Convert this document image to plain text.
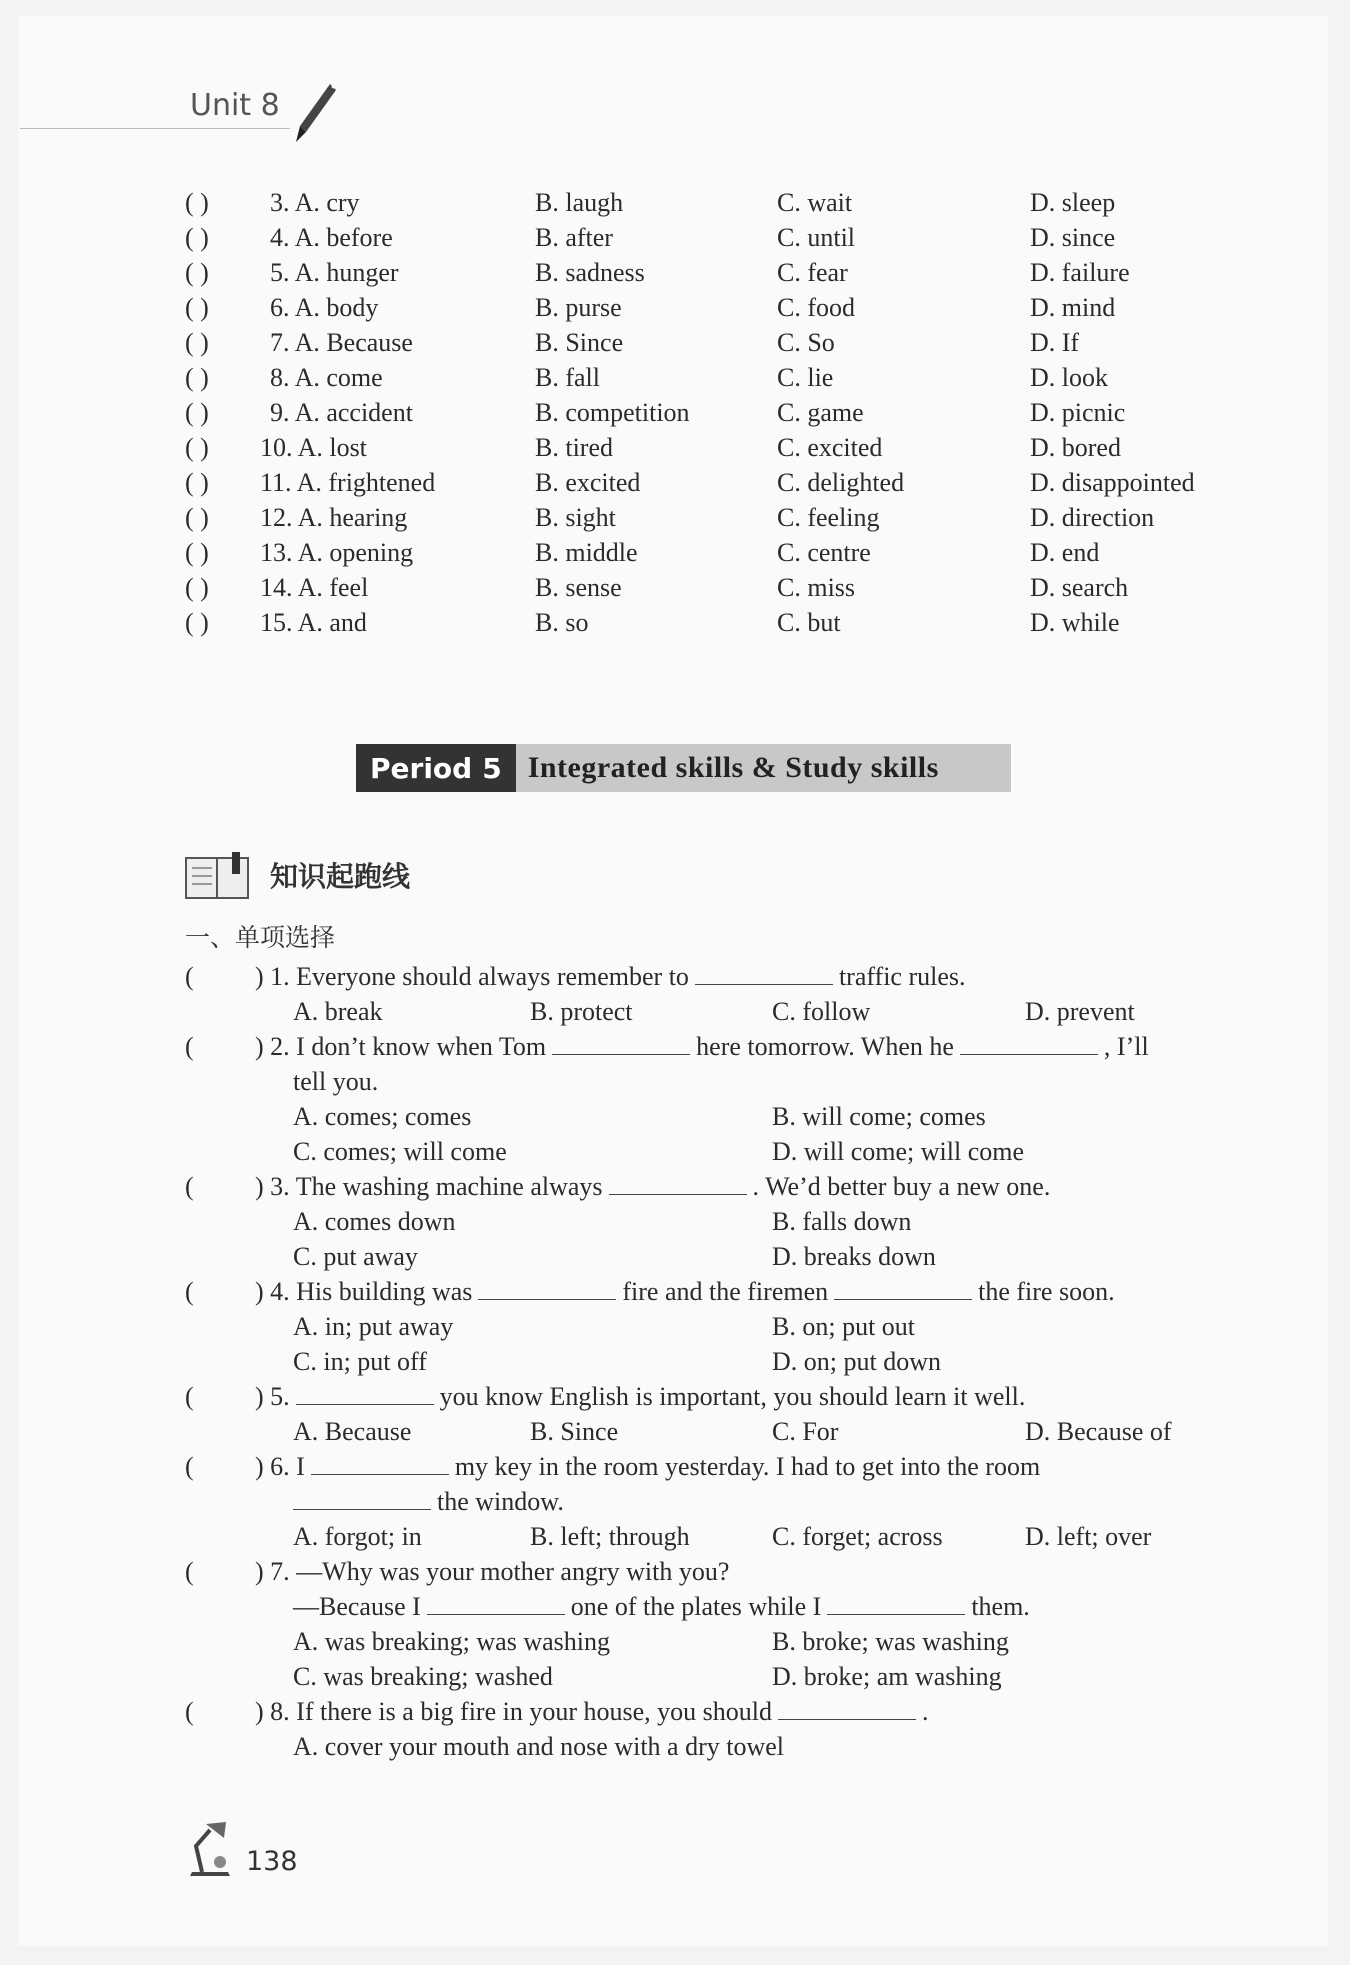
Unit 8
( ) 3. A. cry	B. laugh	C. wait	D. sleep
( ) 4. A. before	B. after	C. until	D. since
( ) 5. A. hunger	B. sadness	C. fear	D. failure
( ) 6. A. body	B. purse	C. food	D. mind
( ) 7. A. Because	B. Since	C. So	D. If
( ) 8. A. come	B. fall	C. lie	D. look
( ) 9. A. accident	B. competition	C. game	D. picnic
( ) 10. A. lost	B. tired	C. excited	D. bored
( ) 11. A. frightened	B. excited	C. delighted	D. disappointed
( ) 12. A. hearing	B. sight	C. feeling	D. direction
( ) 13. A. opening	B. middle	C. centre	D. end
( ) 14. A. feel	B. sense	C. miss	D. search
( ) 15. A. and	B. so	C. but	D. while
Period 5 Integrated skills & Study skills
知识起跑线
一、单项选择
( ) 1. Everyone should always remember to	traffic rules.
A. break	B. protect	C. follow	D. prevent
( ) 2. I don’t know when Tom	here tomorrow. When he	, I’ll
tell you.
A. comes; comes	B. will come; comes
C. comes; will come	D. will come; will come
( ) 3. The washing machine always	. We’d better buy a new one.
A. comes down	B. falls down
C. put away	D. breaks down
( ) 4. His building was	fire and the firemen	the fire soon.
A. in; put away	B. on; put out
C. in; put off	D. on; put down
( ) 5.	you know English is important, you should learn it well.
A. Because	B. Since	C. For	D. Because of
( ) 6. I	my key in the room yesterday. I had to get into the room
the window.
A. forgot; in	B. left; through	C. forget; across	D. left; over
( ) 7. —Why was your mother angry with you?
—Because I	one of the plates while I	them.
A. was breaking; was washing	B. broke; was washing
C. was breaking; washed	D. broke; am washing
( ) 8. If there is a big fire in your house, you should	.
A. cover your mouth and nose with a dry towel
138
